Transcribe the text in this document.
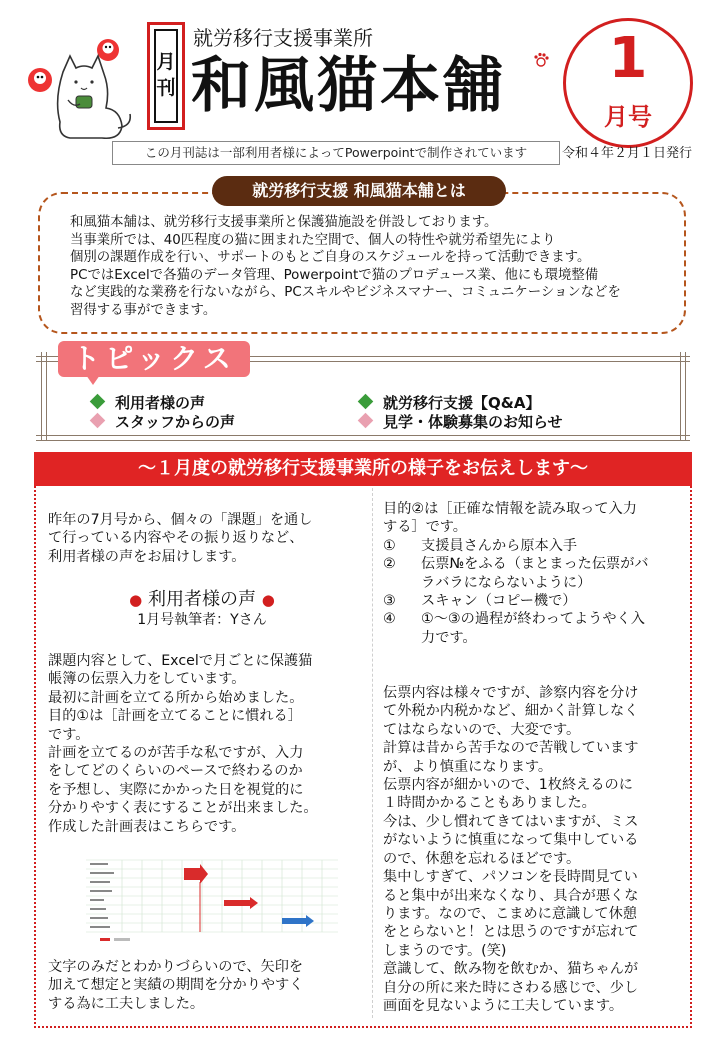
月
刊
就労移行支援事業所
和風猫本舗	1
月号
この月刊誌は一部利用者様によってPowerpointで制作されています	令和４年２月１日発行
就労移行支援 和風猫本舗とは
和風猫本舗は、就労移行支援事業所と保護猫施設を併設しております。
当事業所では、40匹程度の猫に囲まれた空間で、個人の特性や就労希望先により
個別の課題作成を行い、サポートのもとご自身のスケジュールを持って活動できます。
PCではExcelで各猫のデータ管理、Powerpointで猫のプロデュース業、他にも環境整備
など実践的な業務を行ないながら、PCスキルやビジネスマナー、コミュニケーションなどを
習得する事ができます。
トピックス
利用者様の声
スタッフからの声
就労移行支援【Q&A】
見学・体験募集のお知らせ
～１月度の就労移行支援事業所の様子をお伝えします～
昨年の7月号から、個々の「課題」を通し
て行っている内容やその振り返りなど、
利用者様の声をお届けします。
● 利用者様の声 ●
1月号執筆者：Yさん
課題内容として、Excelで月ごとに保護猫
帳簿の伝票入力をしています。
最初に計画を立てる所から始めました。
目的①は［計画を立てることに慣れる］
です。
計画を立てるのが苦手な私ですが、入力
をしてどのくらいのペースで終わるのか
を予想し、実際にかかった日を視覚的に
分かりやすく表にすることが出来ました。
作成した計画表はこちらです。
文字のみだとわかりづらいので、矢印を
加えて想定と実績の期間を分かりやすく
する為に工夫しました。
目的②は［正確な情報を読み取って入力
する］です。
①	支援員さんから原本入手
②	伝票№をふる（まとまった伝票がバ
ラバラにならないように）
③	スキャン（コピー機で）
④	①～③の過程が終わってようやく入
力です。
伝票内容は様々ですが、診察内容を分け
て外税か内税かなど、細かく計算しなく
てはならないので、大変です。
計算は昔から苦手なので苦戦しています
が、より慎重になります。
伝票内容が細かいので、1枚終えるのに
１時間かかることもありました。
今は、少し慣れてきてはいますが、ミス
がないように慎重になって集中している
ので、休憩を忘れるほどです。
集中しすぎて、パソコンを長時間見てい
ると集中が出来なくなり、具合が悪くな
ります。なので、こまめに意識して休憩
をとらないと！とは思うのですが忘れて
しまうのです。(笑)
意識して、飲み物を飲むか、猫ちゃんが
自分の所に来た時にさわる感じで、少し
画面を見ないように工夫しています。
